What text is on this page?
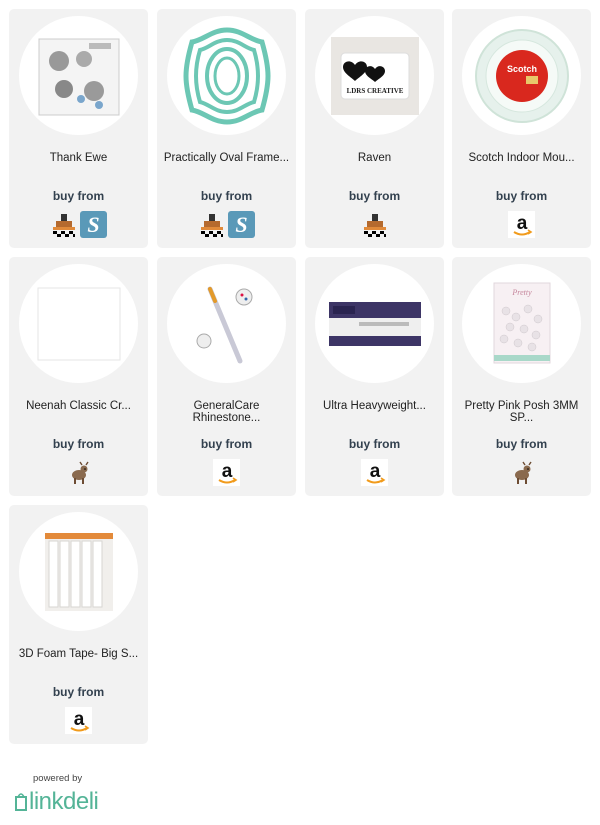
Thank Ewe
buy from
S
Practically Oval Frame...
buy from
S
LDRS CREATIVE
Raven
buy from
Scotch
Scotch Indoor Mou...
buy from
a
Neenah Classic Cr...
buy from
GeneralCare Rhinestone...
buy from
a
Ultra Heavyweight...
buy from
a
Pretty
Pretty Pink Posh 3MM SP...
buy from
3D Foam Tape- Big S...
buy from
a
powered by
linkdeli
